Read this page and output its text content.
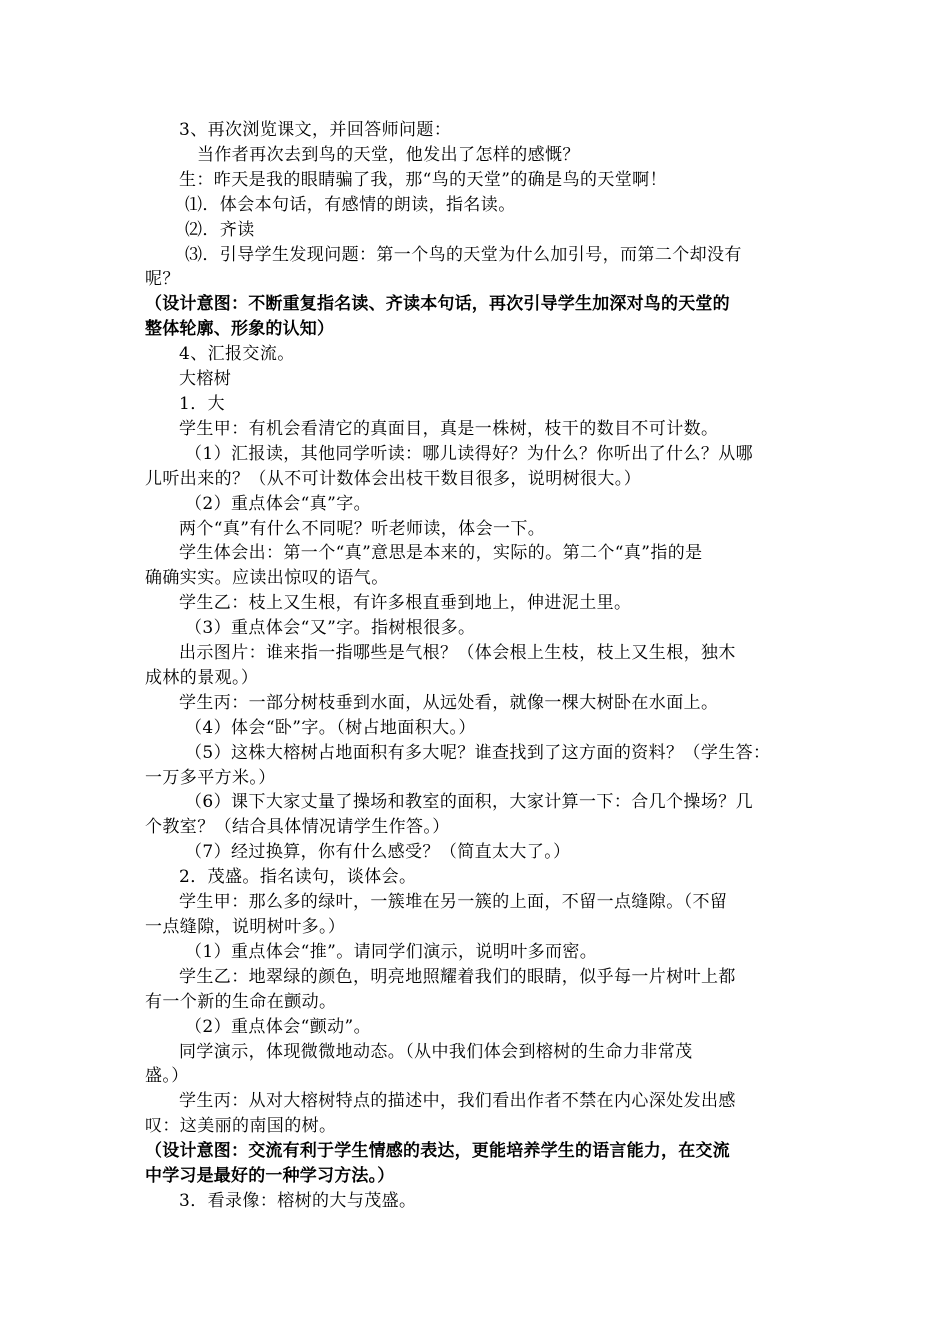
3、再次浏览课文，并回答师问题：
当作者再次去到鸟的天堂，他发出了怎样的感慨？
生：昨天是我的眼睛骗了我，那“鸟的天堂”的确是鸟的天堂啊！
⑴．体会本句话，有感情的朗读，指名读。
⑵．齐读
⑶．引导学生发现问题：第一个鸟的天堂为什么加引号，而第二个却没有
呢？
（设计意图：不断重复指名读、齐读本句话，再次引导学生加深对鸟的天堂的
整体轮廓、形象的认知）
4、汇报交流。
大榕树
1．大
学生甲：有机会看清它的真面目，真是一株树，枝干的数目不可计数。
（1）汇报读，其他同学听读：哪儿读得好？为什么？你听出了什么？从哪
儿听出来的？（从不可计数体会出枝干数目很多，说明树很大。）
（2）重点体会“真”字。
两个“真”有什么不同呢？听老师读，体会一下。
学生体会出：第一个“真”意思是本来的，实际的。第二个“真”指的是
确确实实。应读出惊叹的语气。
学生乙：枝上又生根，有许多根直垂到地上，伸进泥土里。
（3）重点体会“又”字。指树根很多。
出示图片：谁来指一指哪些是气根？（体会根上生枝，枝上又生根，独木
成林的景观。）
学生丙：一部分树枝垂到水面，从远处看，就像一棵大树卧在水面上。
（4）体会“卧”字。（树占地面积大。）
（5）这株大榕树占地面积有多大呢？谁查找到了这方面的资料？（学生答：
一万多平方米。）
（6）课下大家丈量了操场和教室的面积，大家计算一下：合几个操场？几
个教室？（结合具体情况请学生作答。）
（7）经过换算，你有什么感受？（简直太大了。）
2．茂盛。指名读句，谈体会。
学生甲：那么多的绿叶，一簇堆在另一簇的上面，不留一点缝隙。（不留
一点缝隙，说明树叶多。）
（1）重点体会“推”。请同学们演示，说明叶多而密。
学生乙：地翠绿的颜色，明亮地照耀着我们的眼睛，似乎每一片树叶上都
有一个新的生命在颤动。
（2）重点体会“颤动”。
同学演示，体现微微地动态。（从中我们体会到榕树的生命力非常茂
盛。）
学生丙：从对大榕树特点的描述中，我们看出作者不禁在内心深处发出感
叹：这美丽的南国的树。
（设计意图：交流有利于学生情感的表达，更能培养学生的语言能力，在交流
中学习是最好的一种学习方法。）
3．看录像：榕树的大与茂盛。
